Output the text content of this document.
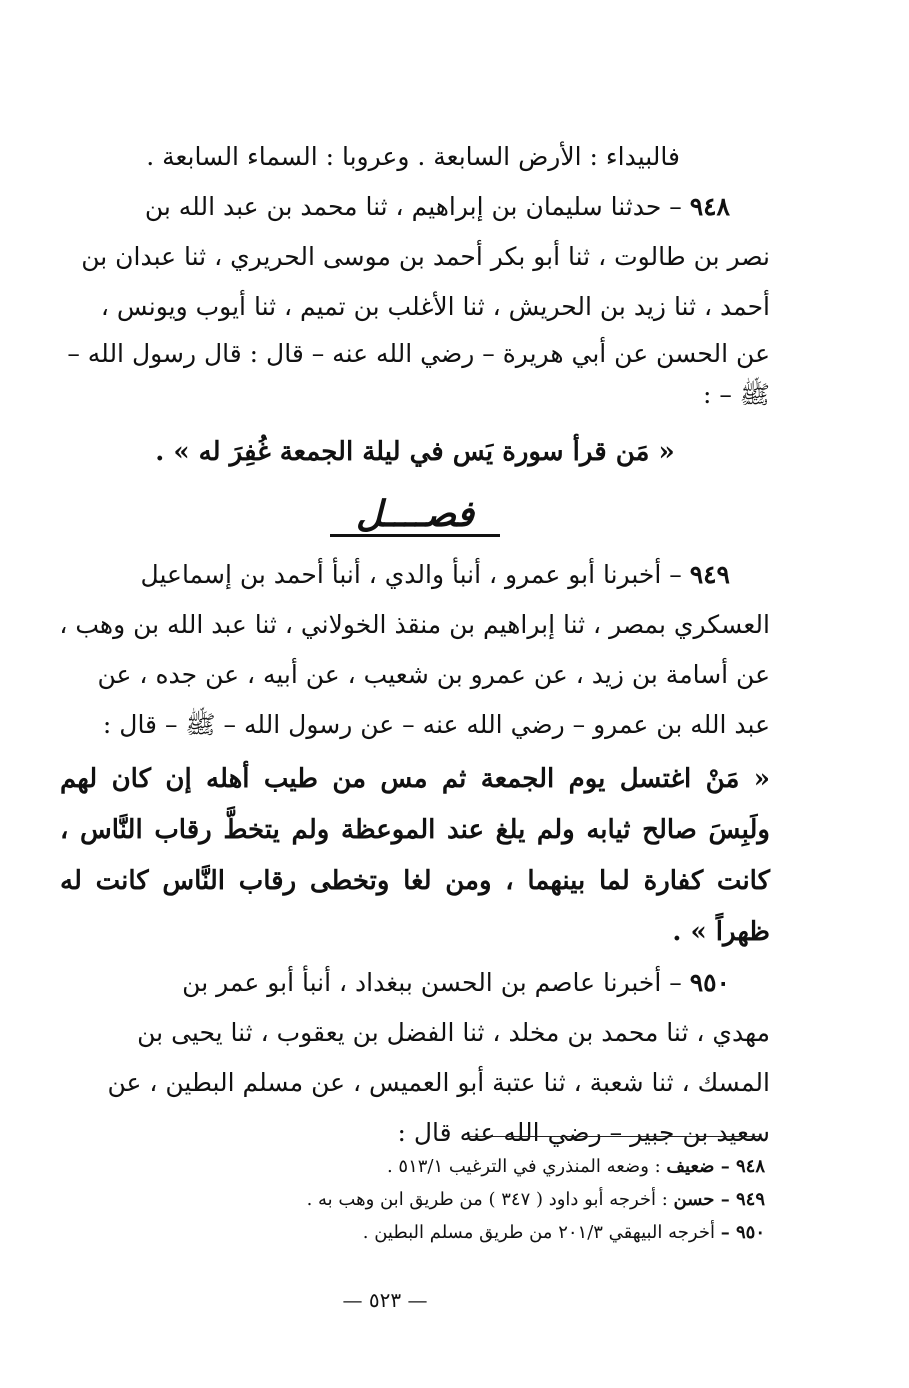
فالبيداء : الأرض السابعة . وعروبا : السماء السابعة .
٩٤٨ – حدثنا سليمان بن إبراهيم ، ثنا محمد بن عبد الله بن
نصر بن طالوت ، ثنا أبو بكر أحمد بن موسى الحريري ، ثنا عبدان بن
أحمد ، ثنا زيد بن الحريش ، ثنا الأغلب بن تميم ، ثنا أيوب ويونس ،
عن الحسن عن أبي هريرة – رضي الله عنه – قال : قال رسول الله –
ﷺ – :
« مَن قرأ سورة يَس في ليلة الجمعة غُفِرَ له » .
فصــــل
٩٤٩ – أخبرنا أبو عمرو ، أنبأ والدي ، أنبأ أحمد بن إسماعيل
العسكري بمصر ، ثنا إبراهيم بن منقذ الخولاني ، ثنا عبد الله بن وهب ،
عن أسامة بن زيد ، عن عمرو بن شعيب ، عن أبيه ، عن جده ، عن
عبد الله بن عمرو – رضي الله عنه – عن رسول الله – ﷺ – قال :
« مَنْ اغتسل يوم الجمعة ثم مس من طيب أهله إن كان لهم ولَبِسَ صالح ثيابه ولم يلغ عند الموعظة ولم يتخطَّ رقاب النَّاس ، كانت كفارة لما بينهما ، ومن لغا وتخطى رقاب النَّاس كانت له ظهراً » .
٩٥٠ – أخبرنا عاصم بن الحسن ببغداد ، أنبأ أبو عمر بن
مهدي ، ثنا محمد بن مخلد ، ثنا الفضل بن يعقوب ، ثنا يحيى بن
المسك ، ثنا شعبة ، ثنا عتبة أبو العميس ، عن مسلم البطين ، عن
سعيد بن جبير – رضي الله عنه قال :
٩٤٨ – ضعيف : وضعه المنذري في الترغيب ٥١٣/١ .
٩٤٩ – حسن : أخرجه أبو داود ( ٣٤٧ ) من طريق ابن وهب به .
٩٥٠ – أخرجه البيهقي ٢٠١/٣ من طريق مسلم البطين .
— ٥٢٣ —
